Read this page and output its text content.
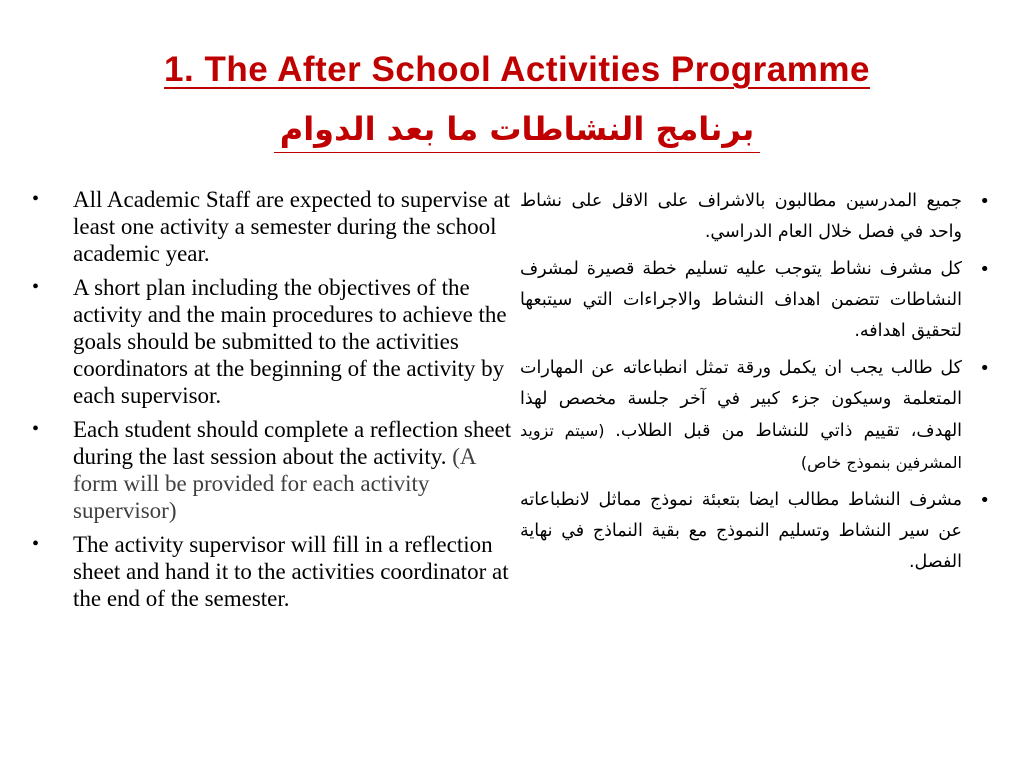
1. The After School Activities Programme
برنامج النشاطات ما بعد الدوام
• All Academic Staff are expected to supervise at least one activity a semester during the school academic year.
• A short plan including the objectives of the activity and the main procedures to achieve the goals should be submitted to the activities coordinators at the beginning of the activity by each supervisor.
• Each student should complete a reflection sheet during the last session about the activity. (A form will be provided for each activity supervisor)
• The activity supervisor will fill in a reflection sheet and hand it to the activities coordinator at the end of the semester.
•
جميع المدرسين مطالبون بالاشراف على الاقل على نشاط واحد في فصل خلال العام الدراسي.
•
كل مشرف نشاط يتوجب عليه تسليم خطة قصيرة لمشرف النشاطات تتضمن اهداف النشاط والاجراءات التي سيتبعها لتحقيق اهدافه.
•
كل طالب يجب ان يكمل ورقة تمثل انطباعاته عن المهارات المتعلمة وسيكون جزء كبير في آخر جلسة مخصص لهذا الهدف، تقييم ذاتي للنشاط من قبل الطلاب. (سيتم تزويد المشرفين بنموذج خاص)
•
مشرف النشاط مطالب ايضا بتعبئة نموذج مماثل لانطباعاته عن سير النشاط وتسليم النموذج مع بقية النماذج في نهاية الفصل.
